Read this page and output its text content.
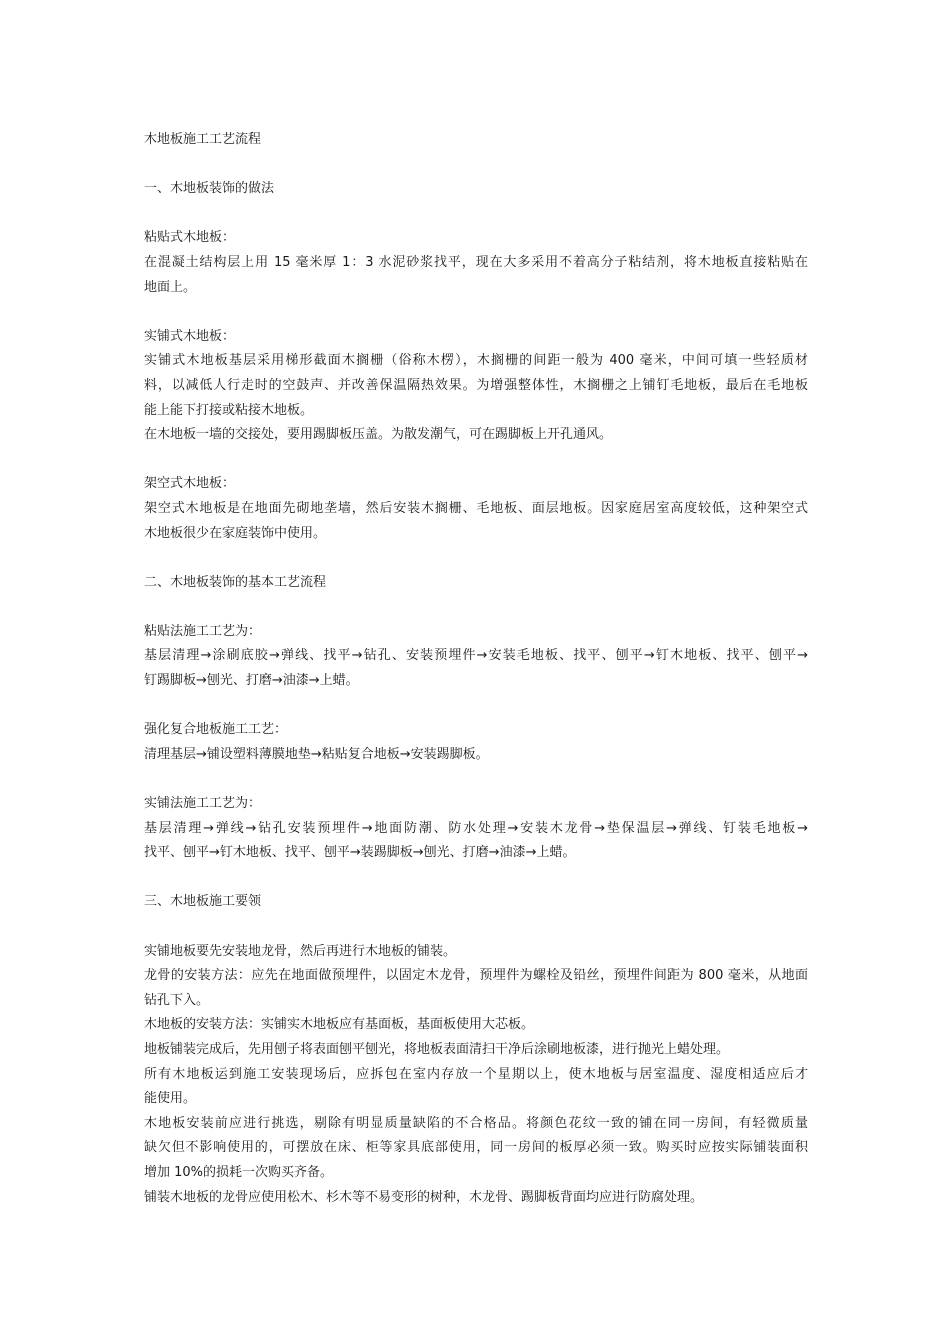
木地板施工工艺流程
一、木地板装饰的做法
粘贴式木地板：
在混凝土结构层上用 15 毫米厚 1：3 水泥砂浆找平，现在大多采用不着高分子粘结剂，将木地板直接粘贴在
地面上。
实铺式木地板：
实铺式木地板基层采用梯形截面木搁栅（俗称木楞），木搁栅的间距一般为 400 毫米，中间可填一些轻质材
料，以减低人行走时的空鼓声、并改善保温隔热效果。为增强整体性，木搁栅之上铺钉毛地板，最后在毛地板
能上能下打接或粘接木地板。
在木地板一墙的交接处，要用踢脚板压盖。为散发潮气，可在踢脚板上开孔通风。
架空式木地板：
架空式木地板是在地面先砌地垄墙，然后安装木搁栅、毛地板、面层地板。因家庭居室高度较低，这种架空式
木地板很少在家庭装饰中使用。
二、木地板装饰的基本工艺流程
粘贴法施工工艺为：
基层清理→涂刷底胶→弹线、找平→钻孔、安装预埋件→安装毛地板、找平、刨平→钉木地板、找平、刨平→
钉踢脚板→刨光、打磨→油漆→上蜡。
强化复合地板施工工艺：
清理基层→铺设塑料薄膜地垫→粘贴复合地板→安装踢脚板。
实铺法施工工艺为：
基层清理→弹线→钻孔安装预埋件→地面防潮、防水处理→安装木龙骨→垫保温层→弹线、钉装毛地板→
找平、刨平→钉木地板、找平、刨平→装踢脚板→刨光、打磨→油漆→上蜡。
三、木地板施工要领
实铺地板要先安装地龙骨，然后再进行木地板的铺装。
龙骨的安装方法：应先在地面做预埋件，以固定木龙骨，预埋件为螺栓及铅丝，预埋件间距为 800 毫米，从地面
钻孔下入。
木地板的安装方法：实铺实木地板应有基面板，基面板使用大芯板。
地板铺装完成后，先用刨子将表面刨平刨光，将地板表面清扫干净后涂刷地板漆，进行抛光上蜡处理。
所有木地板运到施工安装现场后，应拆包在室内存放一个星期以上，使木地板与居室温度、湿度相适应后才
能使用。
木地板安装前应进行挑选，剔除有明显质量缺陷的不合格品。将颜色花纹一致的铺在同一房间，有轻微质量
缺欠但不影响使用的，可摆放在床、柜等家具底部使用，同一房间的板厚必须一致。购买时应按实际铺装面积
增加 10%的损耗一次购买齐备。
铺装木地板的龙骨应使用松木、杉木等不易变形的树种，木龙骨、踢脚板背面均应进行防腐处理。
